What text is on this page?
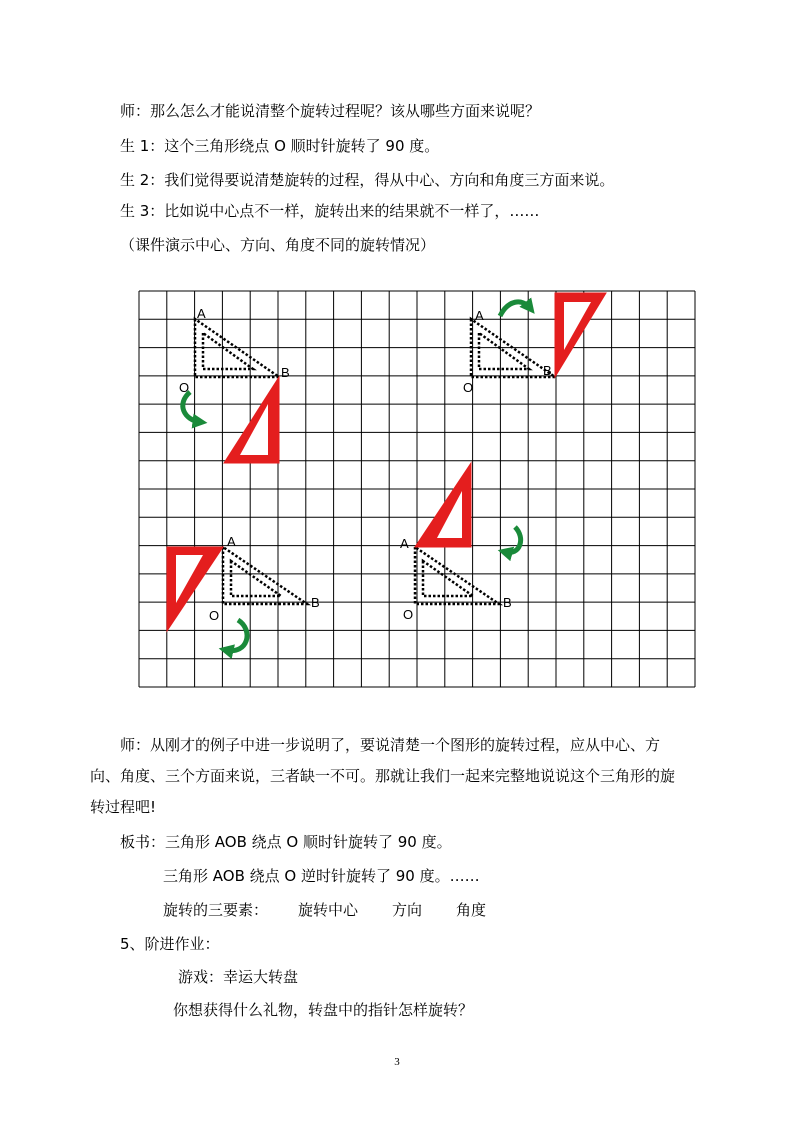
师：那么怎么才能说清整个旋转过程呢？该从哪些方面来说呢？
生 1：这个三角形绕点 O 顺时针旋转了 90 度。
生 2：我们觉得要说清楚旋转的过程，得从中心、方向和角度三方面来说。
生 3：比如说中心点不一样，旋转出来的结果就不一样了，……
（课件演示中心、方向、角度不同的旋转情况）
A
B
O
A
B
O
A
B
O
A
B
O
师：从刚才的例子中进一步说明了，要说清楚一个图形的旋转过程，应从中心、方向、角度、三个方面来说，三者缺一不可。那就让我们一起来完整地说说这个三角形的旋转过程吧!
板书：三角形 AOB 绕点 O 顺时针旋转了 90 度。
三角形 AOB 绕点 O 逆时针旋转了 90 度。……
旋转的三要素： 旋转中心 方向 角度
5、阶进作业：
游戏：幸运大转盘
你想获得什么礼物，转盘中的指针怎样旋转？
3
